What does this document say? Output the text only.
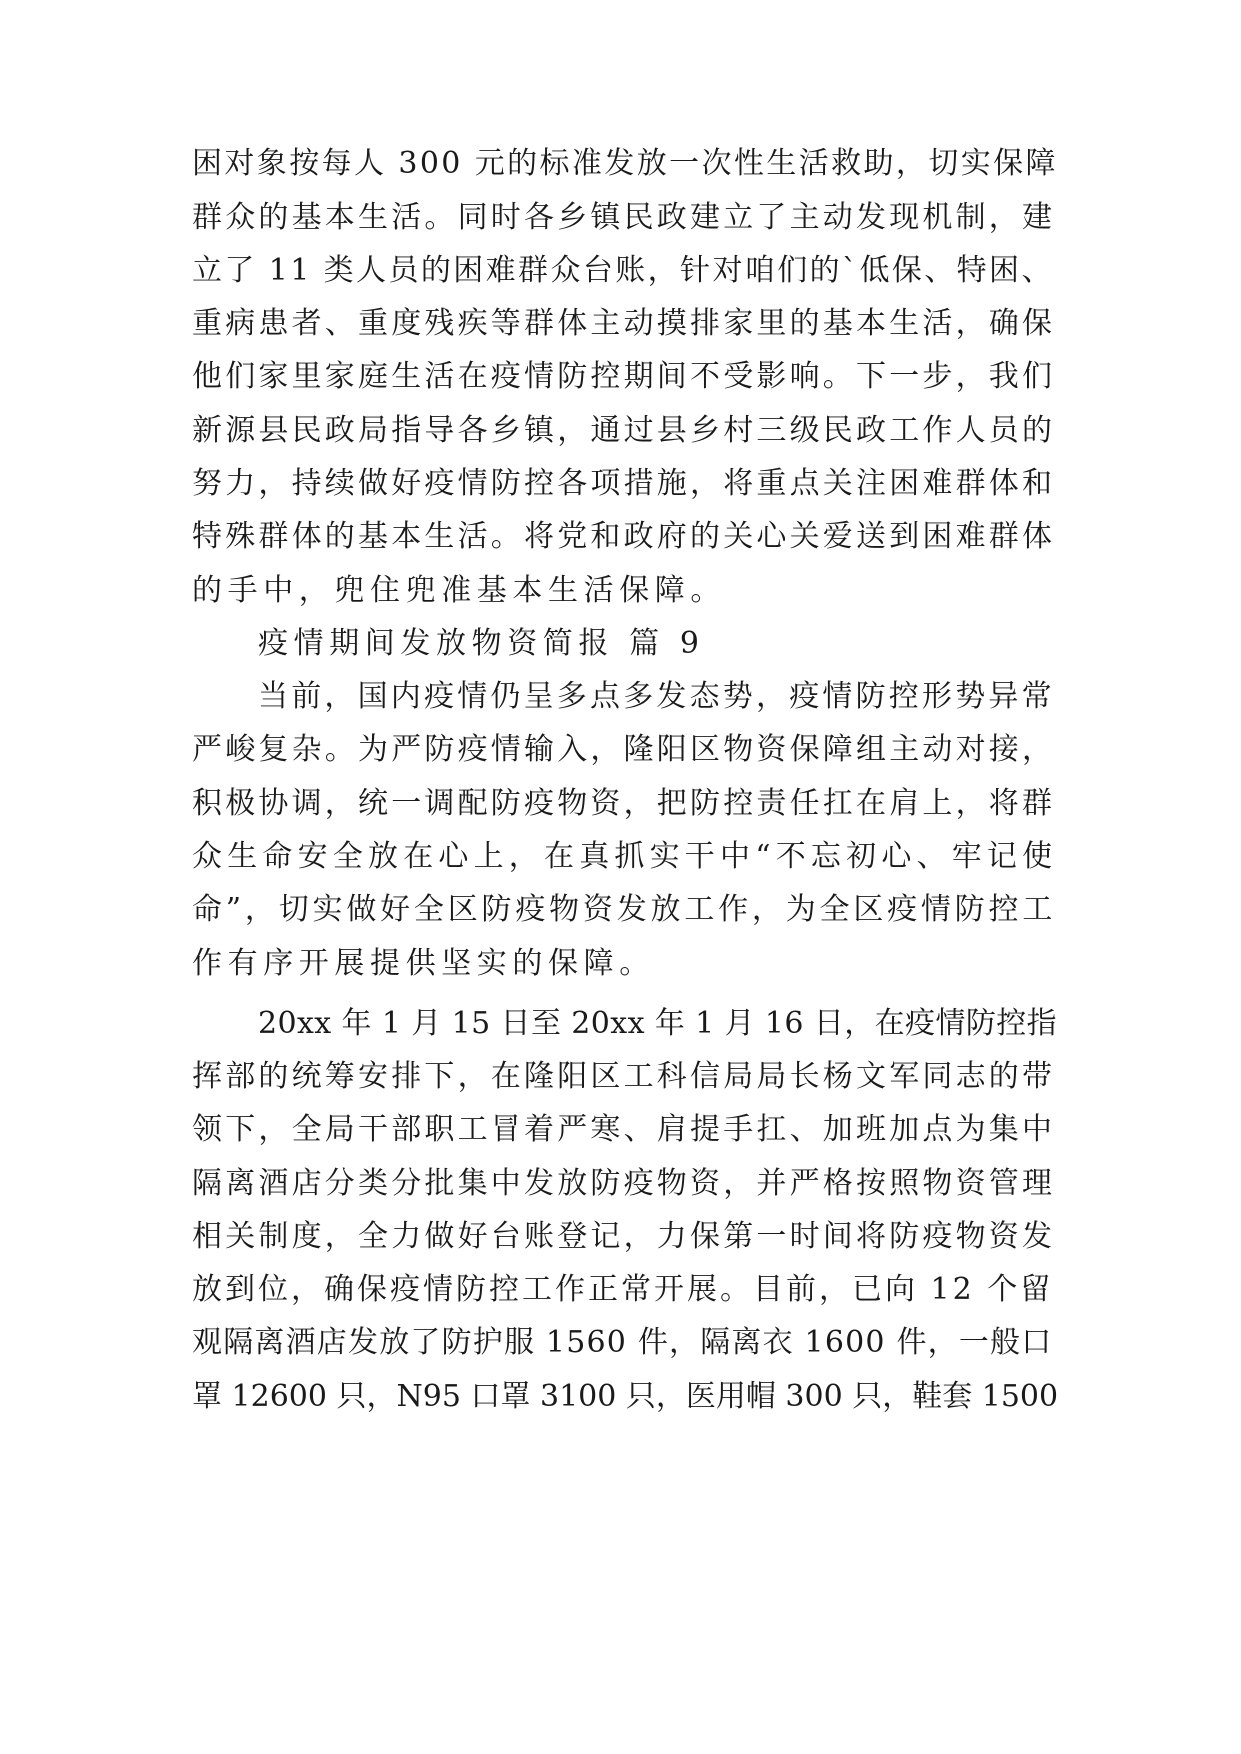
困对象按每人 300 元的标准发放一次性生活救助，切实保障
群众的基本生活。同时各乡镇民政建立了主动发现机制，建
立了 11 类人员的困难群众台账，针对咱们的`低保、特困、
重病患者、重度残疾等群体主动摸排家里的基本生活，确保
他们家里家庭生活在疫情防控期间不受影响。下一步，我们
新源县民政局指导各乡镇，通过县乡村三级民政工作人员的
努力，持续做好疫情防控各项措施，将重点关注困难群体和
特殊群体的基本生活。将党和政府的关心关爱送到困难群体
的手中，兜住兜准基本生活保障。
疫情期间发放物资简报 篇 9
当前，国内疫情仍呈多点多发态势，疫情防控形势异常
严峻复杂。为严防疫情输入，隆阳区物资保障组主动对接，
积极协调，统一调配防疫物资，把防控责任扛在肩上，将群
众生命安全放在心上，在真抓实干中“不忘初心、牢记使
命”，切实做好全区防疫物资发放工作，为全区疫情防控工
作有序开展提供坚实的保障。
20xx 年 1 月 15 日至 20xx 年 1 月 16 日，在疫情防控指
挥部的统筹安排下，在隆阳区工科信局局长杨文军同志的带
领下，全局干部职工冒着严寒、肩提手扛、加班加点为集中
隔离酒店分类分批集中发放防疫物资，并严格按照物资管理
相关制度，全力做好台账登记，力保第一时间将防疫物资发
放到位，确保疫情防控工作正常开展。目前，已向 12 个留
观隔离酒店发放了防护服 1560 件，隔离衣 1600 件，一般口
罩 12600 只，N95 口罩 3100 只，医用帽 300 只，鞋套 1500
